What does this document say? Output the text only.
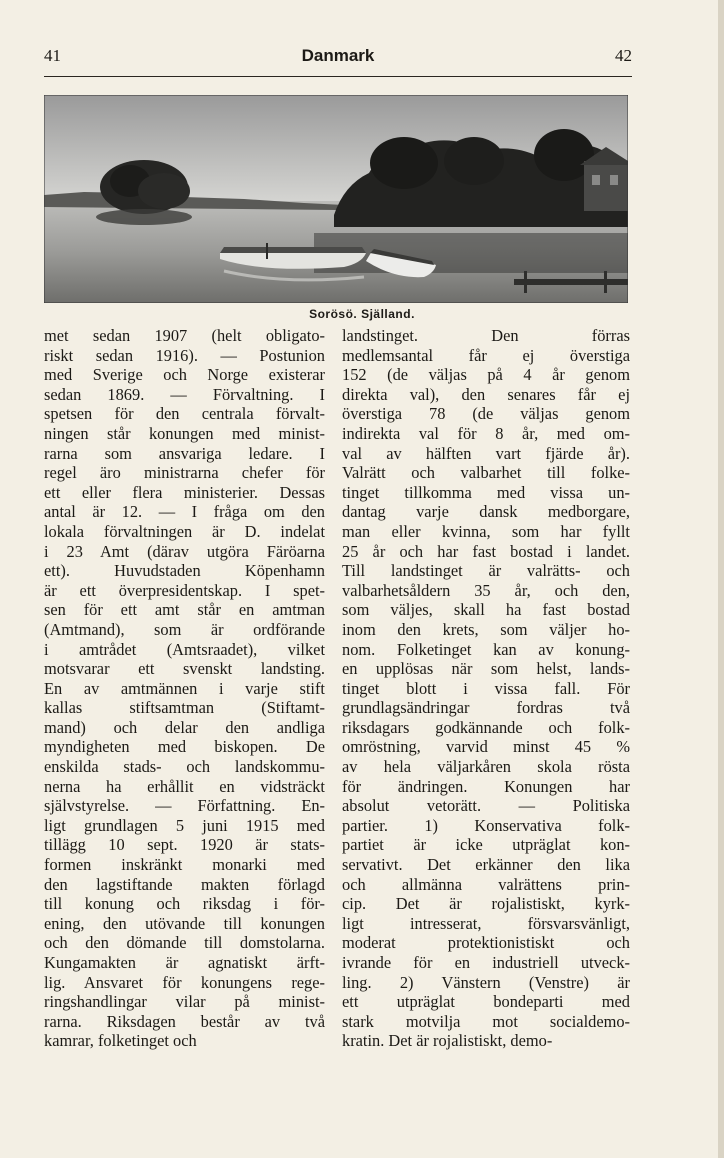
41	Danmark	42
Sorösö. Själland.
met sedan 1907 (helt obligato-
riskt sedan 1916). — Postunion
med Sverige och Norge existerar
sedan 1869. — Förvaltning. I
spetsen för den centrala förvalt-
ningen står konungen med minist-
rarna som ansvariga ledare. I
regel äro ministrarna chefer för
ett eller flera ministerier. Dessas
antal är 12. — I fråga om den
lokala förvaltningen är D. indelat
i 23 Amt (därav utgöra Färöarna
ett). Huvudstaden Köpenhamn
är ett överpresidentskap. I spet-
sen för ett amt står en amtman
(Amtmand), som är ordförande
i amtrådet (Amtsraadet), vilket
motsvarar ett svenskt landsting.
En av amtmännen i varje stift
kallas stiftsamtman (Stiftamt-
mand) och delar den andliga
myndigheten med biskopen. De
enskilda stads- och landskommu-
nerna ha erhållit en vidsträckt
självstyrelse. — Författning. En-
ligt grundlagen 5 juni 1915 med
tillägg 10 sept. 1920 är stats-
formen inskränkt monarki med
den lagstiftande makten förlagd
till konung och riksdag i för-
ening, den utövande till konungen
och den dömande till domstolarna.
Kungamakten är agnatiskt ärft-
lig. Ansvaret för konungens rege-
ringshandlingar vilar på minist-
rarna. Riksdagen består av två
kamrar, folketinget och
landstinget. Den förras
medlemsantal får ej överstiga
152 (de väljas på 4 år genom
direkta val), den senares får ej
överstiga 78 (de väljas genom
indirekta val för 8 år, med om-
val av hälften vart fjärde år).
Valrätt och valbarhet till folke-
tinget tillkomma med vissa un-
dantag varje dansk medborgare,
man eller kvinna, som har fyllt
25 år och har fast bostad i landet.
Till landstinget är valrätts- och
valbarhetsåldern 35 år, och den,
som väljes, skall ha fast bostad
inom den krets, som väljer ho-
nom. Folketinget kan av konung-
en upplösas när som helst, lands-
tinget blott i vissa fall. För
grundlagsändringar fordras två
riksdagars godkännande och folk-
omröstning, varvid minst 45 %
av hela väljarkåren skola rösta
för ändringen. Konungen har
absolut vetorätt. — Politiska
partier. 1) Konservativa folk-
partiet är icke utpräglat kon-
servativt. Det erkänner den lika
och allmänna valrättens prin-
cip. Det är rojalistiskt, kyrk-
ligt intresserat, försvarsvänligt,
moderat protektionistiskt och
ivrande för en industriell utveck-
ling. 2) Vänstern (Venstre) är
ett utpräglat bondeparti med
stark motvilja mot socialdemo-
kratin. Det är rojalistiskt, demo-
